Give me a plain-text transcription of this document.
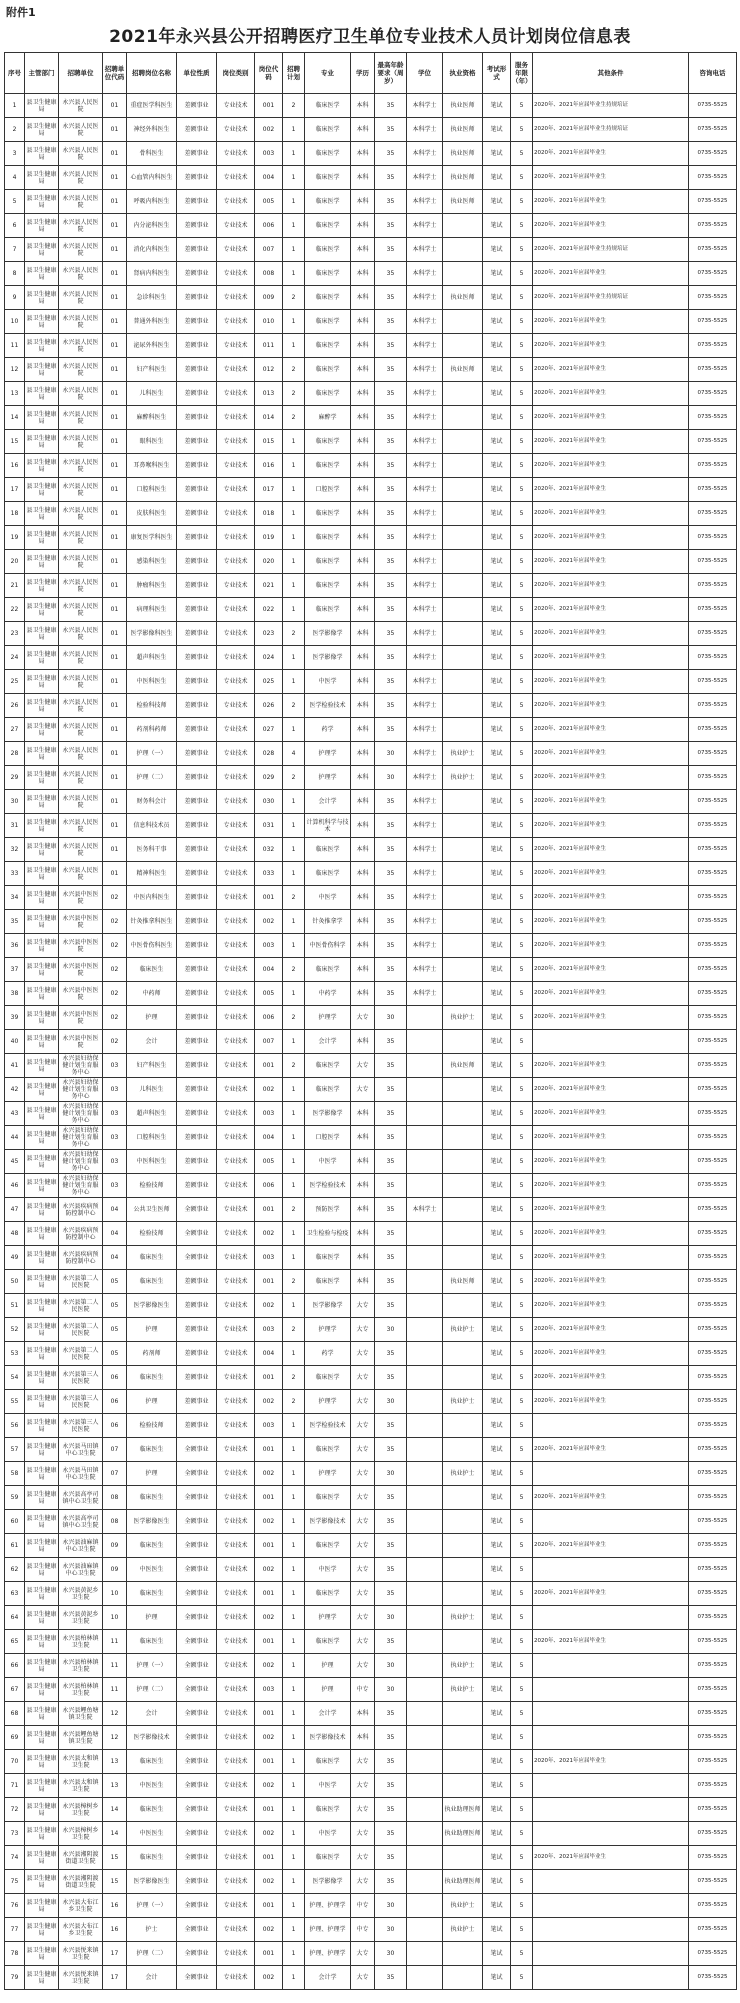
附件1
2021年永兴县公开招聘医疗卫生单位专业技术人员计划岗位信息表
序号	主管部门	招聘单位	招聘单位代码	招聘岗位名称	单位性质	岗位类别	岗位代码	招聘计划	专业	学历	最高年龄要求（周岁）	学位	执业资格	考试形式	服务年限（年）	其他条件	咨询电话
1	县卫生健康局	永兴县人民医院	01	重症医学科医生	差额事业	专业技术	001	2	临床医学	本科	35	本科学士	执业医师	笔试	5	2020年、2021年应届毕业生持规培证	0735-5525
2	县卫生健康局	永兴县人民医院	01	神经外科医生	差额事业	专业技术	002	1	临床医学	本科	35	本科学士	执业医师	笔试	5	2020年、2021年应届毕业生持规培证	0735-5525
3	县卫生健康局	永兴县人民医院	01	骨科医生	差额事业	专业技术	003	1	临床医学	本科	35	本科学士	执业医师	笔试	5	2020年、2021年应届毕业生	0735-5525
4	县卫生健康局	永兴县人民医院	01	心血管内科医生	差额事业	专业技术	004	1	临床医学	本科	35	本科学士	执业医师	笔试	5	2020年、2021年应届毕业生	0735-5525
5	县卫生健康局	永兴县人民医院	01	呼吸内科医生	差额事业	专业技术	005	1	临床医学	本科	35	本科学士	执业医师	笔试	5	2020年、2021年应届毕业生	0735-5525
6	县卫生健康局	永兴县人民医院	01	内分泌科医生	差额事业	专业技术	006	1	临床医学	本科	35	本科学士		笔试	5	2020年、2021年应届毕业生	0735-5525
7	县卫生健康局	永兴县人民医院	01	消化内科医生	差额事业	专业技术	007	1	临床医学	本科	35	本科学士		笔试	5	2020年、2021年应届毕业生持规培证	0735-5525
8	县卫生健康局	永兴县人民医院	01	肾病内科医生	差额事业	专业技术	008	1	临床医学	本科	35	本科学士		笔试	5	2020年、2021年应届毕业生	0735-5525
9	县卫生健康局	永兴县人民医院	01	急诊科医生	差额事业	专业技术	009	2	临床医学	本科	35	本科学士	执业医师	笔试	5	2020年、2021年应届毕业生持规培证	0735-5525
10	县卫生健康局	永兴县人民医院	01	普通外科医生	差额事业	专业技术	010	1	临床医学	本科	35	本科学士		笔试	5	2020年、2021年应届毕业生	0735-5525
11	县卫生健康局	永兴县人民医院	01	泌尿外科医生	差额事业	专业技术	011	1	临床医学	本科	35	本科学士		笔试	5	2020年、2021年应届毕业生	0735-5525
12	县卫生健康局	永兴县人民医院	01	妇产科医生	差额事业	专业技术	012	2	临床医学	本科	35	本科学士	执业医师	笔试	5	2020年、2021年应届毕业生	0735-5525
13	县卫生健康局	永兴县人民医院	01	儿科医生	差额事业	专业技术	013	2	临床医学	本科	35	本科学士		笔试	5	2020年、2021年应届毕业生	0735-5525
14	县卫生健康局	永兴县人民医院	01	麻醉科医生	差额事业	专业技术	014	2	麻醉学	本科	35	本科学士		笔试	5	2020年、2021年应届毕业生	0735-5525
15	县卫生健康局	永兴县人民医院	01	眼科医生	差额事业	专业技术	015	1	临床医学	本科	35	本科学士		笔试	5	2020年、2021年应届毕业生	0735-5525
16	县卫生健康局	永兴县人民医院	01	耳鼻喉科医生	差额事业	专业技术	016	1	临床医学	本科	35	本科学士		笔试	5	2020年、2021年应届毕业生	0735-5525
17	县卫生健康局	永兴县人民医院	01	口腔科医生	差额事业	专业技术	017	1	口腔医学	本科	35	本科学士		笔试	5	2020年、2021年应届毕业生	0735-5525
18	县卫生健康局	永兴县人民医院	01	皮肤科医生	差额事业	专业技术	018	1	临床医学	本科	35	本科学士		笔试	5	2020年、2021年应届毕业生	0735-5525
19	县卫生健康局	永兴县人民医院	01	康复医学科医生	差额事业	专业技术	019	1	临床医学	本科	35	本科学士		笔试	5	2020年、2021年应届毕业生	0735-5525
20	县卫生健康局	永兴县人民医院	01	感染科医生	差额事业	专业技术	020	1	临床医学	本科	35	本科学士		笔试	5	2020年、2021年应届毕业生	0735-5525
21	县卫生健康局	永兴县人民医院	01	肿瘤科医生	差额事业	专业技术	021	1	临床医学	本科	35	本科学士		笔试	5	2020年、2021年应届毕业生	0735-5525
22	县卫生健康局	永兴县人民医院	01	病理科医生	差额事业	专业技术	022	1	临床医学	本科	35	本科学士		笔试	5	2020年、2021年应届毕业生	0735-5525
23	县卫生健康局	永兴县人民医院	01	医学影像科医生	差额事业	专业技术	023	2	医学影像学	本科	35	本科学士		笔试	5	2020年、2021年应届毕业生	0735-5525
24	县卫生健康局	永兴县人民医院	01	超声科医生	差额事业	专业技术	024	1	医学影像学	本科	35	本科学士		笔试	5	2020年、2021年应届毕业生	0735-5525
25	县卫生健康局	永兴县人民医院	01	中医科医生	差额事业	专业技术	025	1	中医学	本科	35	本科学士		笔试	5	2020年、2021年应届毕业生	0735-5525
26	县卫生健康局	永兴县人民医院	01	检验科技师	差额事业	专业技术	026	2	医学检验技术	本科	35	本科学士		笔试	5	2020年、2021年应届毕业生	0735-5525
27	县卫生健康局	永兴县人民医院	01	药剂科药师	差额事业	专业技术	027	1	药学	本科	35	本科学士		笔试	5	2020年、2021年应届毕业生	0735-5525
28	县卫生健康局	永兴县人民医院	01	护理（一）	差额事业	专业技术	028	4	护理学	本科	30	本科学士	执业护士	笔试	5	2020年、2021年应届毕业生	0735-5525
29	县卫生健康局	永兴县人民医院	01	护理（二）	差额事业	专业技术	029	2	护理学	本科	30	本科学士	执业护士	笔试	5	2020年、2021年应届毕业生	0735-5525
30	县卫生健康局	永兴县人民医院	01	财务科会计	差额事业	专业技术	030	1	会计学	本科	35	本科学士		笔试	5	2020年、2021年应届毕业生	0735-5525
31	县卫生健康局	永兴县人民医院	01	信息科技术员	差额事业	专业技术	031	1	计算机科学与技术	本科	35	本科学士		笔试	5	2020年、2021年应届毕业生	0735-5525
32	县卫生健康局	永兴县人民医院	01	医务科干事	差额事业	专业技术	032	1	临床医学	本科	35	本科学士		笔试	5	2020年、2021年应届毕业生	0735-5525
33	县卫生健康局	永兴县人民医院	01	精神科医生	差额事业	专业技术	033	1	临床医学	本科	35	本科学士		笔试	5	2020年、2021年应届毕业生	0735-5525
34	县卫生健康局	永兴县中医医院	02	中医内科医生	差额事业	专业技术	001	2	中医学	本科	35	本科学士		笔试	5	2020年、2021年应届毕业生	0735-5525
35	县卫生健康局	永兴县中医医院	02	针灸推拿科医生	差额事业	专业技术	002	1	针灸推拿学	本科	35	本科学士		笔试	5	2020年、2021年应届毕业生	0735-5525
36	县卫生健康局	永兴县中医医院	02	中医骨伤科医生	差额事业	专业技术	003	1	中医骨伤科学	本科	35	本科学士		笔试	5	2020年、2021年应届毕业生	0735-5525
37	县卫生健康局	永兴县中医医院	02	临床医生	差额事业	专业技术	004	2	临床医学	本科	35	本科学士		笔试	5	2020年、2021年应届毕业生	0735-5525
38	县卫生健康局	永兴县中医医院	02	中药师	差额事业	专业技术	005	1	中药学	本科	35	本科学士		笔试	5	2020年、2021年应届毕业生	0735-5525
39	县卫生健康局	永兴县中医医院	02	护理	差额事业	专业技术	006	2	护理学	大专	30		执业护士	笔试	5	2020年、2021年应届毕业生	0735-5525
40	县卫生健康局	永兴县中医医院	02	会计	差额事业	专业技术	007	1	会计学	本科	35			笔试	5		0735-5525
41	县卫生健康局	永兴县妇幼保健计划生育服务中心	03	妇产科医生	差额事业	专业技术	001	2	临床医学	大专	35		执业医师	笔试	5	2020年、2021年应届毕业生	0735-5525
42	县卫生健康局	永兴县妇幼保健计划生育服务中心	03	儿科医生	差额事业	专业技术	002	1	临床医学	大专	35			笔试	5	2020年、2021年应届毕业生	0735-5525
43	县卫生健康局	永兴县妇幼保健计划生育服务中心	03	超声科医生	差额事业	专业技术	003	1	医学影像学	本科	35			笔试	5	2020年、2021年应届毕业生	0735-5525
44	县卫生健康局	永兴县妇幼保健计划生育服务中心	03	口腔科医生	差额事业	专业技术	004	1	口腔医学	本科	35			笔试	5	2020年、2021年应届毕业生	0735-5525
45	县卫生健康局	永兴县妇幼保健计划生育服务中心	03	中医科医生	差额事业	专业技术	005	1	中医学	本科	35			笔试	5	2020年、2021年应届毕业生	0735-5525
46	县卫生健康局	永兴县妇幼保健计划生育服务中心	03	检验技师	差额事业	专业技术	006	1	医学检验技术	本科	35			笔试	5	2020年、2021年应届毕业生	0735-5525
47	县卫生健康局	永兴县疾病预防控制中心	04	公共卫生医师	全额事业	专业技术	001	2	预防医学	本科	35	本科学士		笔试	5	2020年、2021年应届毕业生	0735-5525
48	县卫生健康局	永兴县疾病预防控制中心	04	检验技师	全额事业	专业技术	002	1	卫生检验与检疫	本科	35			笔试	5	2020年、2021年应届毕业生	0735-5525
49	县卫生健康局	永兴县疾病预防控制中心	04	临床医生	全额事业	专业技术	003	1	临床医学	本科	35			笔试	5	2020年、2021年应届毕业生	0735-5525
50	县卫生健康局	永兴县第二人民医院	05	临床医生	差额事业	专业技术	001	2	临床医学	本科	35		执业医师	笔试	5	2020年、2021年应届毕业生	0735-5525
51	县卫生健康局	永兴县第二人民医院	05	医学影像医生	差额事业	专业技术	002	1	医学影像学	大专	35			笔试	5	2020年、2021年应届毕业生	0735-5525
52	县卫生健康局	永兴县第二人民医院	05	护理	差额事业	专业技术	003	2	护理学	大专	30		执业护士	笔试	5	2020年、2021年应届毕业生	0735-5525
53	县卫生健康局	永兴县第二人民医院	05	药剂师	差额事业	专业技术	004	1	药学	大专	35			笔试	5	2020年、2021年应届毕业生	0735-5525
54	县卫生健康局	永兴县第三人民医院	06	临床医生	差额事业	专业技术	001	2	临床医学	大专	35			笔试	5	2020年、2021年应届毕业生	0735-5525
55	县卫生健康局	永兴县第三人民医院	06	护理	差额事业	专业技术	002	2	护理学	大专	30		执业护士	笔试	5	2020年、2021年应届毕业生	0735-5525
56	县卫生健康局	永兴县第三人民医院	06	检验技师	差额事业	专业技术	003	1	医学检验技术	大专	35			笔试	5		0735-5525
57	县卫生健康局	永兴县马田镇中心卫生院	07	临床医生	全额事业	专业技术	001	1	临床医学	大专	35			笔试	5	2020年、2021年应届毕业生	0735-5525
58	县卫生健康局	永兴县马田镇中心卫生院	07	护理	全额事业	专业技术	002	1	护理学	大专	30		执业护士	笔试	5		0735-5525
59	县卫生健康局	永兴县高亭司镇中心卫生院	08	临床医生	全额事业	专业技术	001	1	临床医学	大专	35			笔试	5	2020年、2021年应届毕业生	0735-5525
60	县卫生健康局	永兴县高亭司镇中心卫生院	08	医学影像医生	全额事业	专业技术	002	1	医学影像技术	大专	35			笔试	5		0735-5525
61	县卫生健康局	永兴县油麻镇中心卫生院	09	临床医生	全额事业	专业技术	001	1	临床医学	大专	35			笔试	5	2020年、2021年应届毕业生	0735-5525
62	县卫生健康局	永兴县油麻镇中心卫生院	09	中医医生	全额事业	专业技术	002	1	中医学	大专	35			笔试	5		0735-5525
63	县卫生健康局	永兴县黄泥乡卫生院	10	临床医生	全额事业	专业技术	001	1	临床医学	大专	35			笔试	5	2020年、2021年应届毕业生	0735-5525
64	县卫生健康局	永兴县黄泥乡卫生院	10	护理	全额事业	专业技术	002	1	护理学	大专	30		执业护士	笔试	5		0735-5525
65	县卫生健康局	永兴县柏林镇卫生院	11	临床医生	全额事业	专业技术	001	1	临床医学	大专	35			笔试	5	2020年、2021年应届毕业生	0735-5525
66	县卫生健康局	永兴县柏林镇卫生院	11	护理（一）	全额事业	专业技术	002	1	护理	大专	30		执业护士	笔试	5		0735-5525
67	县卫生健康局	永兴县柏林镇卫生院	11	护理（二）	全额事业	专业技术	003	1	护理	中专	30		执业护士	笔试	5		0735-5525
68	县卫生健康局	永兴县鲤鱼塘镇卫生院	12	会计	全额事业	专业技术	001	1	会计学	本科	35			笔试	5		0735-5525
69	县卫生健康局	永兴县鲤鱼塘镇卫生院	12	医学影像技术	全额事业	专业技术	002	1	医学影像技术	本科	35			笔试	5		0735-5525
70	县卫生健康局	永兴县太和镇卫生院	13	临床医生	全额事业	专业技术	001	1	临床医学	大专	35			笔试	5	2020年、2021年应届毕业生	0735-5525
71	县卫生健康局	永兴县太和镇卫生院	13	中医医生	全额事业	专业技术	002	1	中医学	大专	35			笔试	5		0735-5525
72	县卫生健康局	永兴县樟树乡卫生院	14	临床医生	全额事业	专业技术	001	1	临床医学	大专	35		执业助理医师	笔试	5		0735-5525
73	县卫生健康局	永兴县樟树乡卫生院	14	中医医生	全额事业	专业技术	002	1	中医学	大专	35		执业助理医师	笔试	5		0735-5525
74	县卫生健康局	永兴县湘阴渡街道卫生院	15	临床医生	全额事业	专业技术	001	1	临床医学	大专	35			笔试	5	2020年、2021年应届毕业生	0735-5525
75	县卫生健康局	永兴县湘阴渡街道卫生院	15	医学影像医生	全额事业	专业技术	002	1	医学影像学	大专	35		执业助理医师	笔试	5		0735-5525
76	县卫生健康局	永兴县大布江乡卫生院	16	护理（一）	全额事业	专业技术	001	1	护理、护理学	中专	30		执业护士	笔试	5		0735-5525
77	县卫生健康局	永兴县大布江乡卫生院	16	护士	全额事业	专业技术	002	1	护理、护理学	中专	30		执业护士	笔试	5		0735-5525
78	县卫生健康局	永兴县悦来镇卫生院	17	护理（二）	全额事业	专业技术	001	1	护理、护理学	大专	30			笔试	5		0735-5525
79	县卫生健康局	永兴县悦来镇卫生院	17	会计	全额事业	专业技术	002	1	会计学	大专	35			笔试	5		0735-5525
